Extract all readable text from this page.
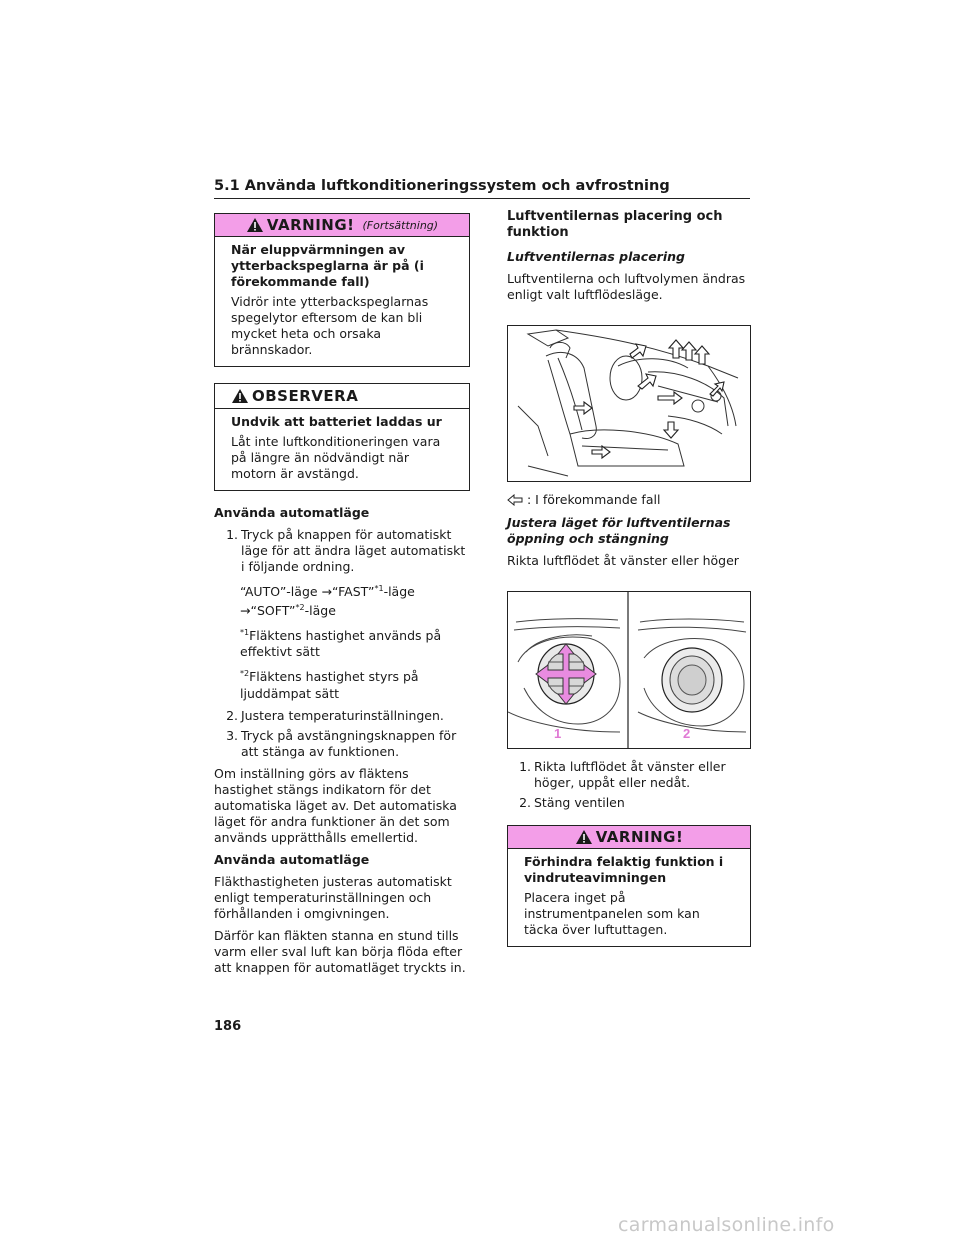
5.1 Använda luftkonditioneringssystem och avfrostning
VARNING! (Fortsättning)
När eluppvärmningen av ytterbackspeglarna är på (i förekommande fall)
Vidrör inte ytterbackspeglarnas spegelytor eftersom de kan bli mycket heta och orsaka brännskador.
OBSERVERA
Undvik att batteriet laddas ur
Låt inte luftkonditioneringen vara på längre än nödvändigt när motorn är avstängd.

Använda automatläge

1. Tryck på knappen för automatiskt läge för att ändra läget automatiskt i följande ordning.

“AUTO”-läge →“FAST”$^{*1}$-läge →“SOFT”$^{*2}$-läge

$^{*1}$Fläktens hastighet används på effektivt sätt

$^{*2}$Fläktens hastighet styrs på ljuddämpat sätt

2. Justera temperaturinställningen.
3. Tryck på avstängningsknappen för att stänga av funktionen.

Om inställning görs av fläktens hastighet stängs indikatorn för det automatiska läget av. Det automatiska läget för andra funktioner än det som används upprätthålls emellertid.

Använda automatläge

Fläkthastigheten justeras automatiskt enligt temperaturinställningen och förhållanden i omgivningen.

Därför kan fläkten stanna en stund tills varm eller sval luft kan börja flöda efter att knappen för automatläget tryckts in.

Luftventilernas placering och funktion

Luftventilernas placering

Luftventilerna och luftvolymen ändras enligt valt luftflödesläge.

: I förekommande fall

Justera läget för luftventilernas öppning och stängning

Rikta luftflödet åt vänster eller höger

1	2
1. Rikta luftflödet åt vänster eller höger, uppåt eller nedåt.
2. Stäng ventilen
VARNING!
Förhindra felaktig funktion i vindruteavimningen
Placera inget på instrumentpanelen som kan täcka över luftuttagen.
186
carmanualsonline.info
